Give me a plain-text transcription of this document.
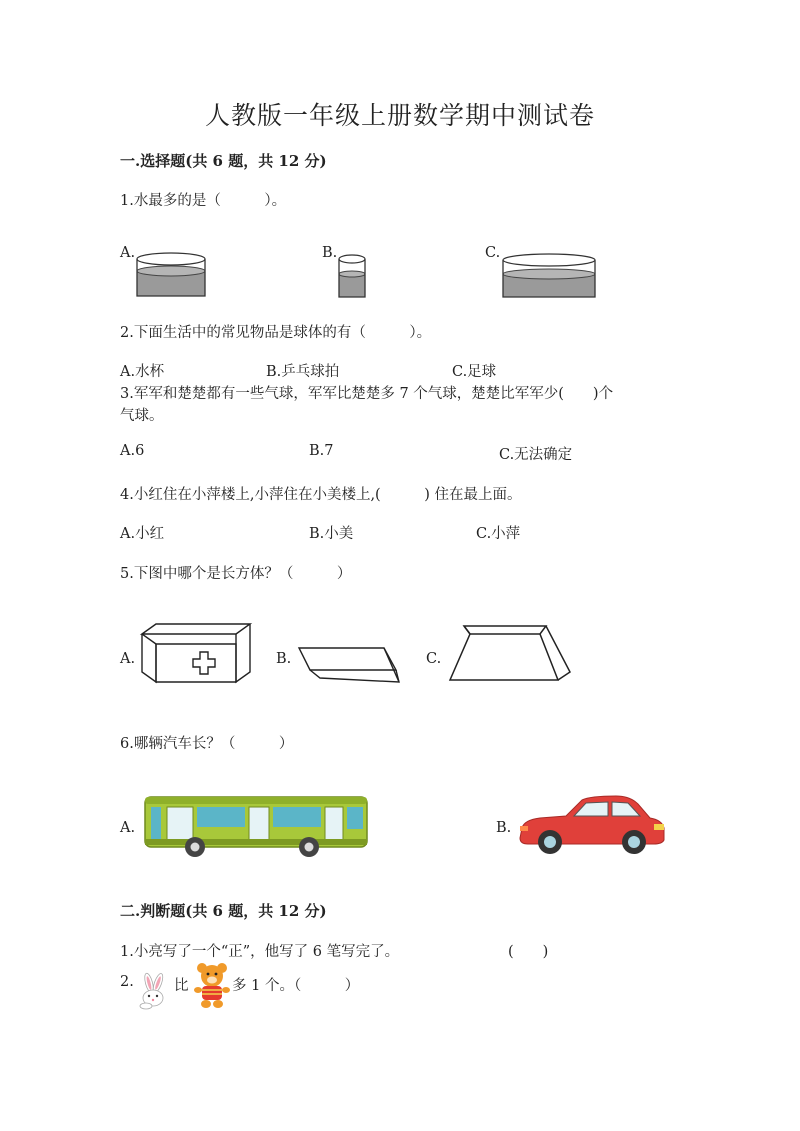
人教版一年级上册数学期中测试卷
一.选择题(共 6 题，共 12 分)
1.水最多的是（　　　）。
A.	B.	C.
2.下面生活中的常见物品是球体的有（　　　）。
A.水杯	B.乒乓球拍	C.足球
3.军军和楚楚都有一些气球，军军比楚楚多 7 个气球，楚楚比军军少(　　)个
气球。
A.6	B.7	C.无法确定
4.小红住在小萍楼上,小萍住在小美楼上,(　　　) 住在最上面。
A.小红	B.小美	C.小萍
5.下图中哪个是长方体？（　　　）
A.	B.	C.
6.哪辆汽车长？（　　　）
A.	B.
二.判断题(共 6 题，共 12 分)
1.小亮写了一个“正”，他写了 6 笔写完了。	(　　)
2.	比	多 1 个。（　　　）
